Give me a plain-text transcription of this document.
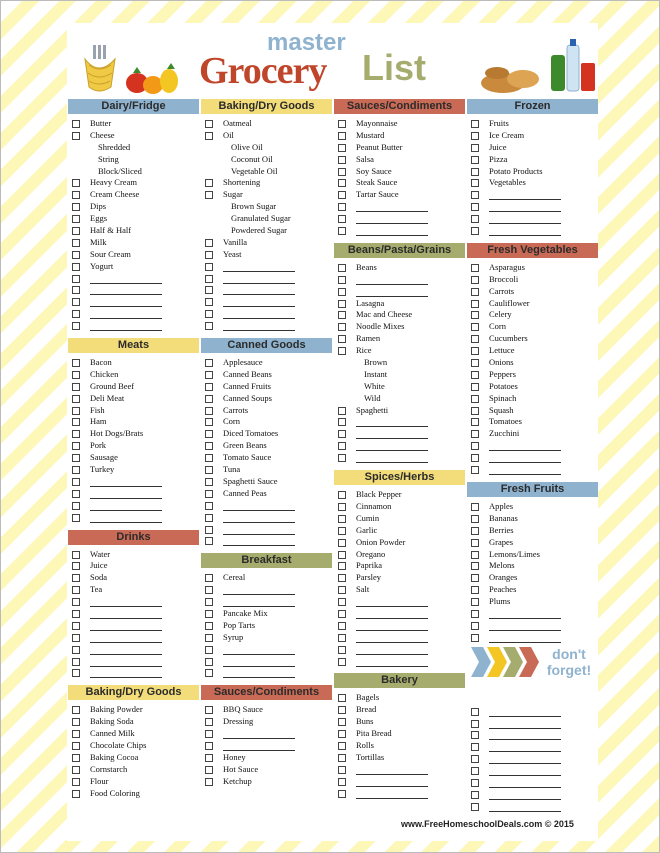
master
Grocery List
Dairy/Fridge
Butter
Cheese
Shredded
String
Block/Sliced
Heavy Cream
Cream Cheese
Dips
Eggs
Half & Half
Milk
Sour Cream
Yogurt
Meats
Bacon
Chicken
Ground Beef
Deli Meat
Fish
Ham
Hot Dogs/Brats
Pork
Sausage
Turkey
Drinks
Water
Juice
Soda
Tea
Baking/Dry Goods
Baking Powder
Baking Soda
Canned Milk
Chocolate Chips
Baking Cocoa
Cornstarch
Flour
Food Coloring
Baking/Dry Goods
Oatmeal
Oil
Olive Oil
Coconut Oil
Vegetable Oil
Shortening
Sugar
Brown Sugar
Granulated Sugar
Powdered Sugar
Vanilla
Yeast
Canned Goods
Applesauce
Canned Beans
Canned Fruits
Canned Soups
Carrots
Corn
Diced Tomatoes
Green Beans
Tomato Sauce
Tuna
Spaghetti Sauce
Canned Peas
Breakfast
Cereal
Pancake Mix
Pop Tarts
Syrup
Sauces/Condiments
BBQ Sauce
Dressing
Honey
Hot Sauce
Ketchup
Sauces/Condiments
Mayonnaise
Mustard
Peanut Butter
Salsa
Soy Sauce
Steak Sauce
Tartar Sauce
Beans/Pasta/Grains
Beans
Lasagna
Mac and Cheese
Noodle Mixes
Ramen
Rice
Brown
Instant
White
Wild
Spaghetti
Spices/Herbs
Black Pepper
Cinnamon
Cumin
Garlic
Onion Powder
Oregano
Paprika
Parsley
Salt
Bakery
Bagels
Bread
Buns
Pita Bread
Rolls
Tortillas
Frozen
Fruits
Ice Cream
Juice
Pizza
Potato Products
Vegetables
Fresh Vegetables
Asparagus
Broccoli
Carrots
Cauliflower
Celery
Corn
Cucumbers
Lettuce
Onions
Peppers
Potatoes
Spinach
Squash
Tomatoes
Zucchini
Fresh Fruits
Apples
Bananas
Berries
Grapes
Lemons/Limes
Melons
Oranges
Peaches
Plums
don't
forget!
www.FreeHomeschoolDeals.com © 2015
